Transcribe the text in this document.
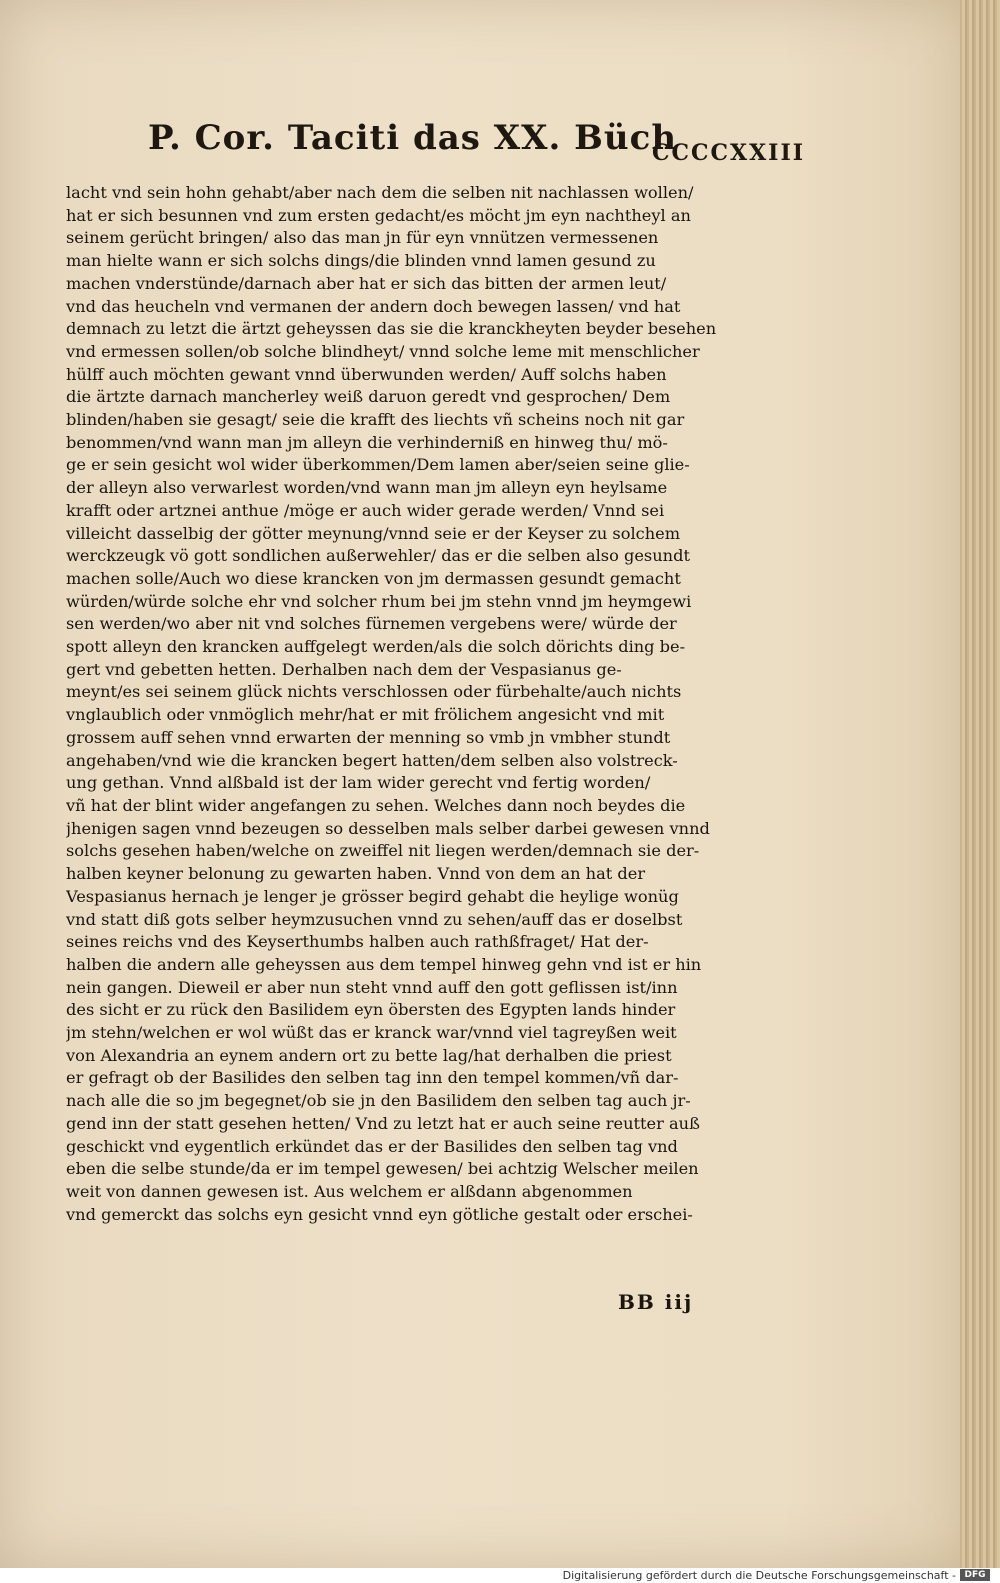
P. Cor. Taciti das XX. Büch
CCCCXXIII
lacht vnd sein hohn gehabt/aber nach dem die selben nit nachlassen wollen/
hat er sich besunnen vnd zum ersten gedacht/es möcht jm eyn nachtheyl an
seinem gerücht bringen/ also das man jn für eyn vnnützen vermessenen
man hielte wann er sich solchs dings/die blinden vnnd lamen gesund zu
machen vnderstünde/darnach aber hat er sich das bitten der armen leut/
vnd das heucheln vnd vermanen der andern doch bewegen lassen/ vnd hat
demnach zu letzt die ärtzt geheyssen das sie die kranckheyten beyder besehen
vnd ermessen sollen/ob solche blindheyt/ vnnd solche leme mit menschlicher
hülff auch möchten gewant vnnd überwunden werden/ Auff solchs haben
die ärtzte darnach mancherley weiß daruon geredt vnd gesprochen/ Dem
blinden/haben sie gesagt/ seie die krafft des liechts vñ scheins noch nit gar
benommen/vnd wann man jm alleyn die verhinderniß en hinweg thu/ mö-
ge er sein gesicht wol wider überkommen/Dem lamen aber/seien seine glie-
der alleyn also verwarlest worden/vnd wann man jm alleyn eyn heylsame
krafft oder artznei anthue /möge er auch wider gerade werden/ Vnnd sei
villeicht dasselbig der götter meynung/vnnd seie er der Keyser zu solchem
werckzeugk vö gott sondlichen außerwehler/ das er die selben also gesundt
machen solle/Auch wo diese krancken von jm dermassen gesundt gemacht
würden/würde solche ehr vnd solcher rhum bei jm stehn vnnd jm heymgewi
sen werden/wo aber nit vnd solches fürnemen vergebens were/ würde der
spott alleyn den krancken auffgelegt werden/als die solch dörichts ding be-
gert vnd gebetten hetten. Derhalben nach dem der Vespasianus ge-
meynt/es sei seinem glück nichts verschlossen oder fürbehalte/auch nichts
vnglaublich oder vnmöglich mehr/hat er mit frölichem angesicht vnd mit
grossem auff sehen vnnd erwarten der menning so vmb jn vmbher stundt
angehaben/vnd wie die krancken begert hatten/dem selben also volstreck-
ung gethan. Vnnd alßbald ist der lam wider gerecht vnd fertig worden/
vñ hat der blint wider angefangen zu sehen. Welches dann noch beydes die
jhenigen sagen vnnd bezeugen so desselben mals selber darbei gewesen vnnd
solchs gesehen haben/welche on zweiffel nit liegen werden/demnach sie der-
halben keyner belonung zu gewarten haben. Vnnd von dem an hat der
Vespasianus hernach je lenger je grösser begird gehabt die heylige wonüg
vnd statt diß gots selber heymzusuchen vnnd zu sehen/auff das er doselbst
seines reichs vnd des Keyserthumbs halben auch rathßfraget/ Hat der-
halben die andern alle geheyssen aus dem tempel hinweg gehn vnd ist er hin
nein gangen. Dieweil er aber nun steht vnnd auff den gott geflissen ist/inn
des sicht er zu rück den Basilidem eyn öbersten des Egypten lands hinder
jm stehn/welchen er wol wüßt das er kranck war/vnnd viel tagreyßen weit
von Alexandria an eynem andern ort zu bette lag/hat derhalben die priest
er gefragt ob der Basilides den selben tag inn den tempel kommen/vñ dar-
nach alle die so jm begegnet/ob sie jn den Basilidem den selben tag auch jr-
gend inn der statt gesehen hetten/ Vnd zu letzt hat er auch seine reutter auß
geschickt vnd eygentlich erkündet das er der Basilides den selben tag vnd
eben die selbe stunde/da er im tempel gewesen/ bei achtzig Welscher meilen
weit von dannen gewesen ist. Aus welchem er alßdann abgenommen
vnd gemerckt das solchs eyn gesicht vnnd eyn götliche gestalt oder erschei-
BB iij
Digitalisierung gefördert durch die Deutsche Forschungsgemeinschaft - DFG
